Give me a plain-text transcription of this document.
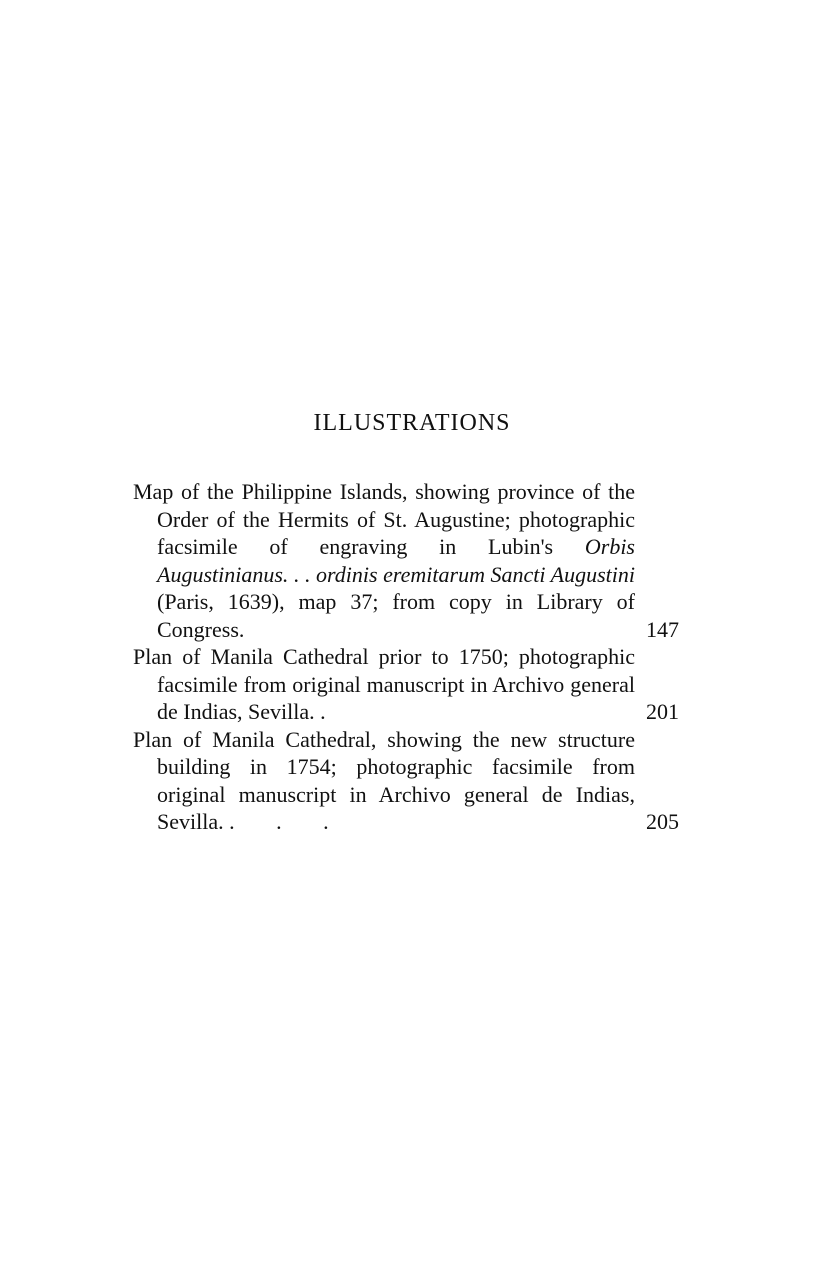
ILLUSTRATIONS
Map of the Philippine Islands, showing province of the Order of the Hermits of St. Augustine; photographic facsimile of engraving in Lubin's Orbis Augustinianus. . . ordinis eremitarum Sancti Augustini (Paris, 1639), map 37; from copy in Library of Congress.	147
Plan of Manila Cathedral prior to 1750; photographic facsimile from original manuscript in Archivo general de Indias, Sevilla. .	201
Plan of Manila Cathedral, showing the new structure building in 1754; photographic facsimile from original manuscript in Archivo general de Indias, Sevilla. . . .	205
